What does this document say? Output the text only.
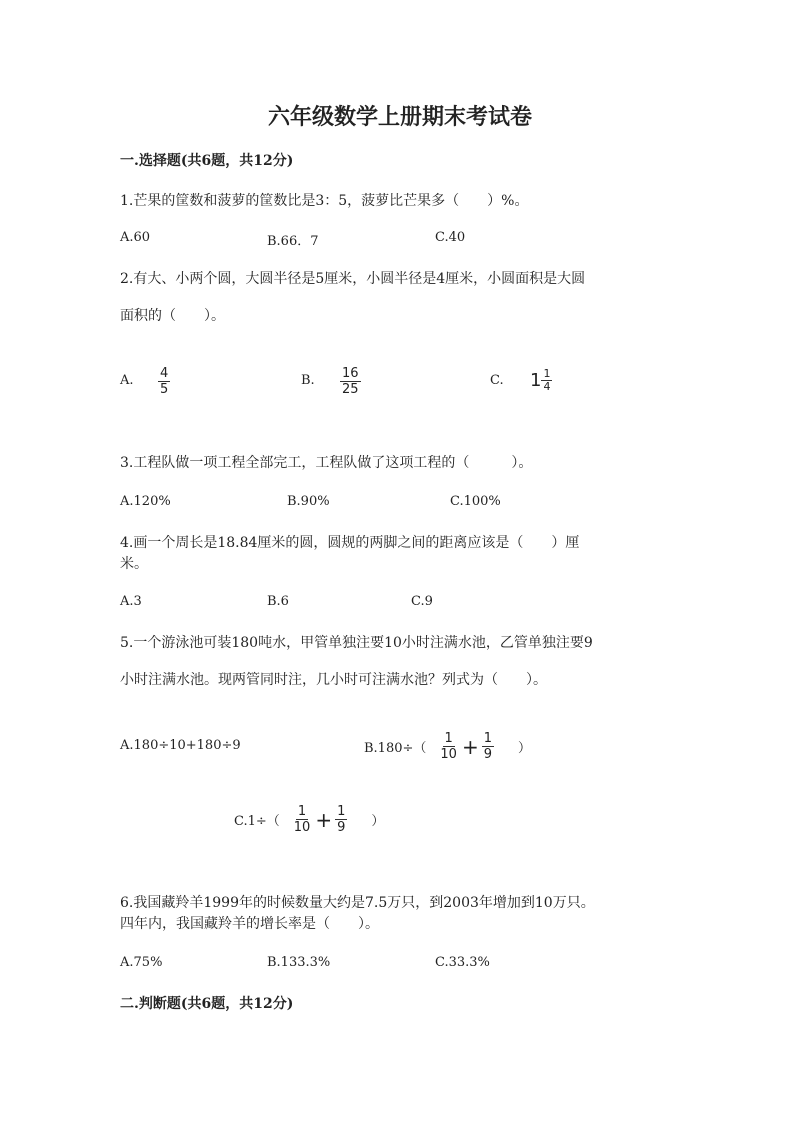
六年级数学上册期末考试卷
一.选择题(共6题，共12分)
1.芒果的筐数和菠萝的筐数比是3：5，菠萝比芒果多（　　）%。
A.60	B.66．7	C.40
2.有大、小两个圆，大圆半径是5厘米，小圆半径是4厘米，小圆面积是大圆
面积的（　　）。
A. $\frac{4}{5}$	B. $\frac{16}{25}$	C. $1 \frac{1}{4}$
3.工程队做一项工程全部完工，工程队做了这项工程的（　　　）。
A.120%	B.90%	C.100%
4.画一个周长是18.84厘米的圆，圆规的两脚之间的距离应该是（　　）厘
米。
A.3	B.6	C.9
5.一个游泳池可装180吨水，甲管单独注要10小时注满水池，乙管单独注要9
小时注满水池。现两管同时注，几小时可注满水池？列式为（　　）。
A.180÷10+180÷9	$B.180\div( \frac{1}{10} + \frac{1}{9}$ ）
$C.1\div( \frac{1}{10} + \frac{1}{9}$ ）
6.我国藏羚羊1999年的时候数量大约是7.5万只，到2003年增加到10万只。
四年内，我国藏羚羊的增长率是（　　）。
A.75%	B.133.3%	C.33.3%
二.判断题(共6题，共12分)
